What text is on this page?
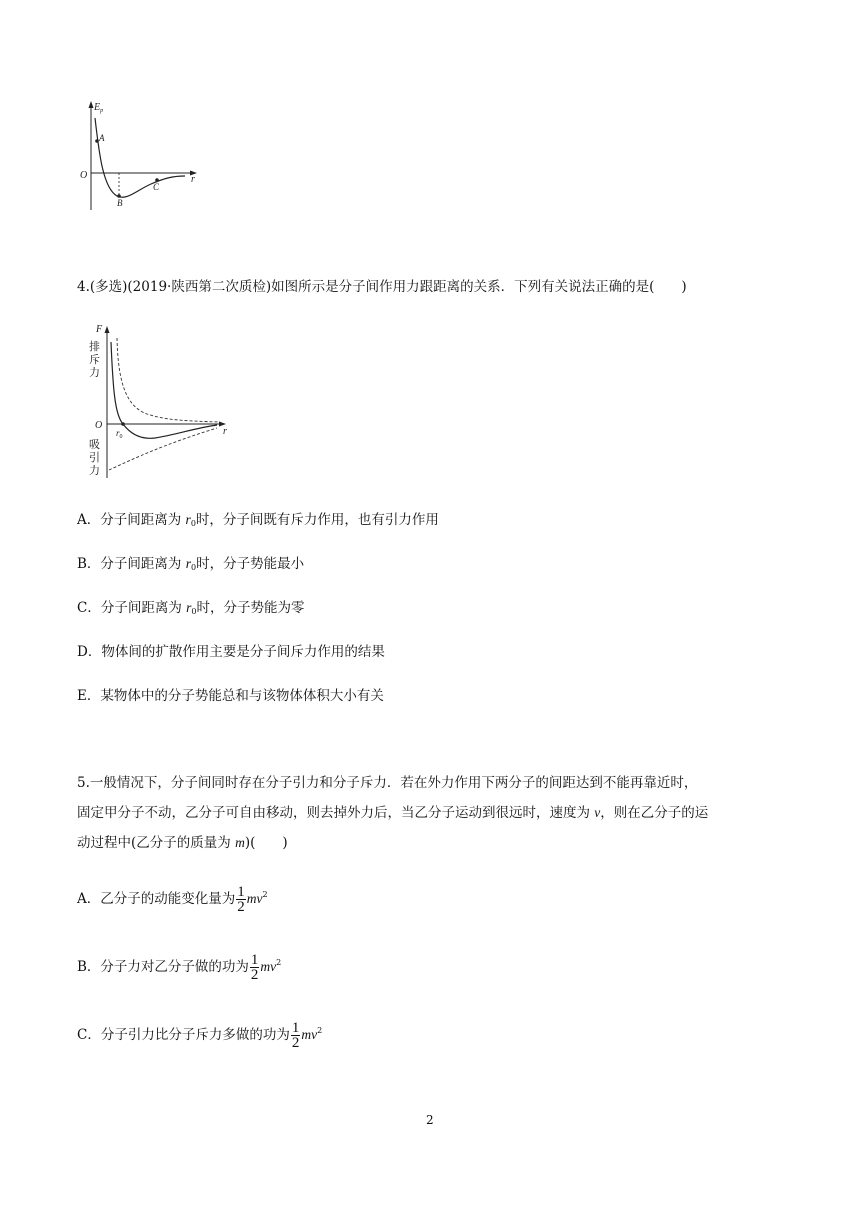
$E_p$
O	r
A
B
C
4.(多选)(2019·陕西第二次质检)如图所示是分子间作用力跟距离的关系．下列有关说法正确的是(　　)
F
排
斥
力
O
$r_0$	r
吸
引
力
A．分子间距离为 $r_0$时，分子间既有斥力作用，也有引力作用
B．分子间距离为 $r_0$时，分子势能最小
C．分子间距离为 $r_0$时，分子势能为零
D．物体间的扩散作用主要是分子间斥力作用的结果
E．某物体中的分子势能总和与该物体体积大小有关
5.一般情况下，分子间同时存在分子引力和分子斥力．若在外力作用下两分子的间距达到不能再靠近时，
固定甲分子不动，乙分子可自由移动，则去掉外力后，当乙分子运动到很远时，速度为 v，则在乙分子的运
动过程中(乙分子的质量为 m)(　　)
A．乙分子的动能变化量为 $\frac{1}{2} mv^2$
B．分子力对乙分子做的功为 $\frac{1}{2} mv^2$
C．分子引力比分子斥力多做的功为 $\frac{1}{2} mv^2$
2
